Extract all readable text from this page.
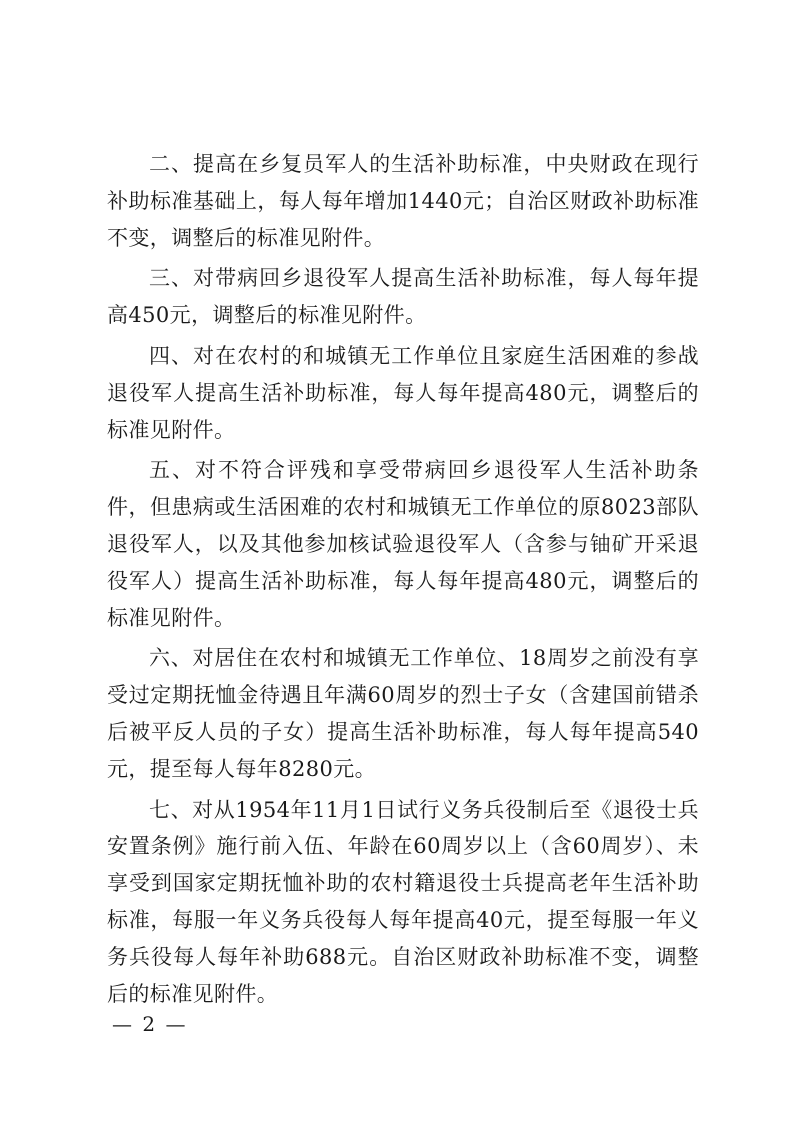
二、提高在乡复员军人的生活补助标准，中央财政在现行补助标准基础上，每人每年增加1440元；自治区财政补助标准不变，调整后的标准见附件。

三、对带病回乡退役军人提高生活补助标准，每人每年提高450元，调整后的标准见附件。

四、对在农村的和城镇无工作单位且家庭生活困难的参战退役军人提高生活补助标准，每人每年提高480元，调整后的标准见附件。

五、对不符合评残和享受带病回乡退役军人生活补助条件，但患病或生活困难的农村和城镇无工作单位的原8023部队退役军人，以及其他参加核试验退役军人（含参与铀矿开采退役军人）提高生活补助标准，每人每年提高480元，调整后的标准见附件。

六、对居住在农村和城镇无工作单位、18周岁之前没有享受过定期抚恤金待遇且年满60周岁的烈士子女（含建国前错杀后被平反人员的子女）提高生活补助标准，每人每年提高540元，提至每人每年8280元。

七、对从1954年11月1日试行义务兵役制后至《退役士兵安置条例》施行前入伍、年龄在60周岁以上（含60周岁）、未享受到国家定期抚恤补助的农村籍退役士兵提高老年生活补助标准，每服一年义务兵役每人每年提高40元，提至每服一年义务兵役每人每年补助688元。自治区财政补助标准不变，调整后的标准见附件。

— 2 —
